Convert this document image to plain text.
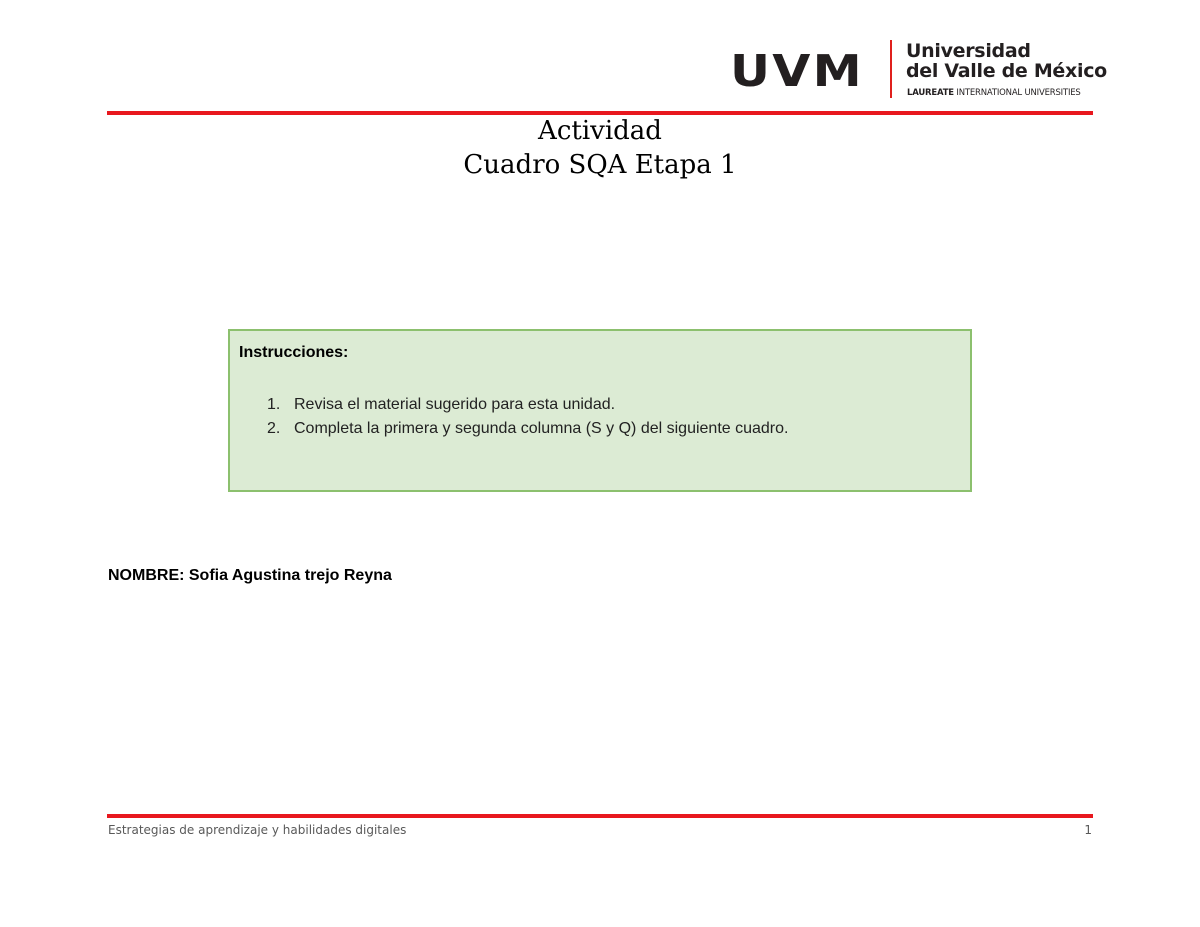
UVM Universidad
del Valle de México
LAUREATE INTERNATIONAL UNIVERSITIES
Actividad
Cuadro SQA Etapa 1
Instrucciones:
1. Revisa el material sugerido para esta unidad.
2. Completa la primera y segunda columna (S y Q) del siguiente cuadro.
NOMBRE: Sofia Agustina trejo Reyna
Estrategias de aprendizaje y habilidades digitales	1
